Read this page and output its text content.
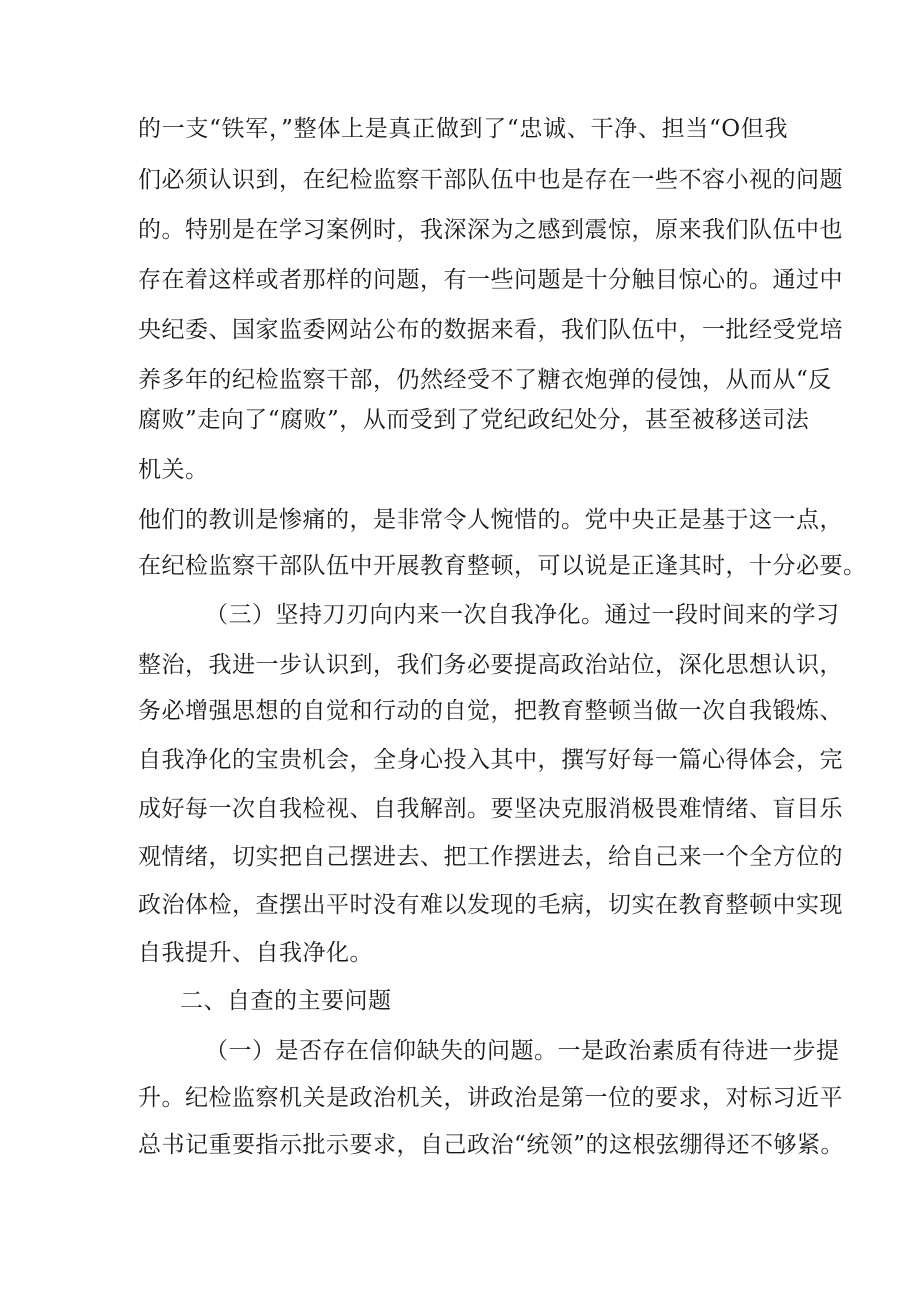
的一支“铁军，”整体上是真正做到了“忠诚、干净、担当“O但我
们必须认识到，在纪检监察干部队伍中也是存在一些不容小视的问题
的。特别是在学习案例时，我深深为之感到震惊，原来我们队伍中也
存在着这样或者那样的问题，有一些问题是十分触目惊心的。通过中
央纪委、国家监委网站公布的数据来看，我们队伍中，一批经受党培
养多年的纪检监察干部，仍然经受不了糖衣炮弹的侵蚀，从而从“反
腐败”走向了“腐败”，从而受到了党纪政纪处分，甚至被移送司法
机关。
他们的教训是惨痛的，是非常令人惋惜的。党中央正是基于这一点，
在纪检监察干部队伍中开展教育整顿，可以说是正逢其时，十分必要。
（三）坚持刀刃向内来一次自我净化。通过一段时间来的学习
整治，我进一步认识到，我们务必要提高政治站位，深化思想认识，
务必增强思想的自觉和行动的自觉，把教育整顿当做一次自我锻炼、
自我净化的宝贵机会，全身心投入其中，撰写好每一篇心得体会，完
成好每一次自我检视、自我解剖。要坚决克服消极畏难情绪、盲目乐
观情绪，切实把自己摆进去、把工作摆进去，给自己来一个全方位的
政治体检，查摆出平时没有难以发现的毛病，切实在教育整顿中实现
自我提升、自我净化。
二、自查的主要问题
（一）是否存在信仰缺失的问题。一是政治素质有待进一步提
升。纪检监察机关是政治机关，讲政治是第一位的要求，对标习近平
总书记重要指示批示要求，自己政治“统领”的这根弦绷得还不够紧。
